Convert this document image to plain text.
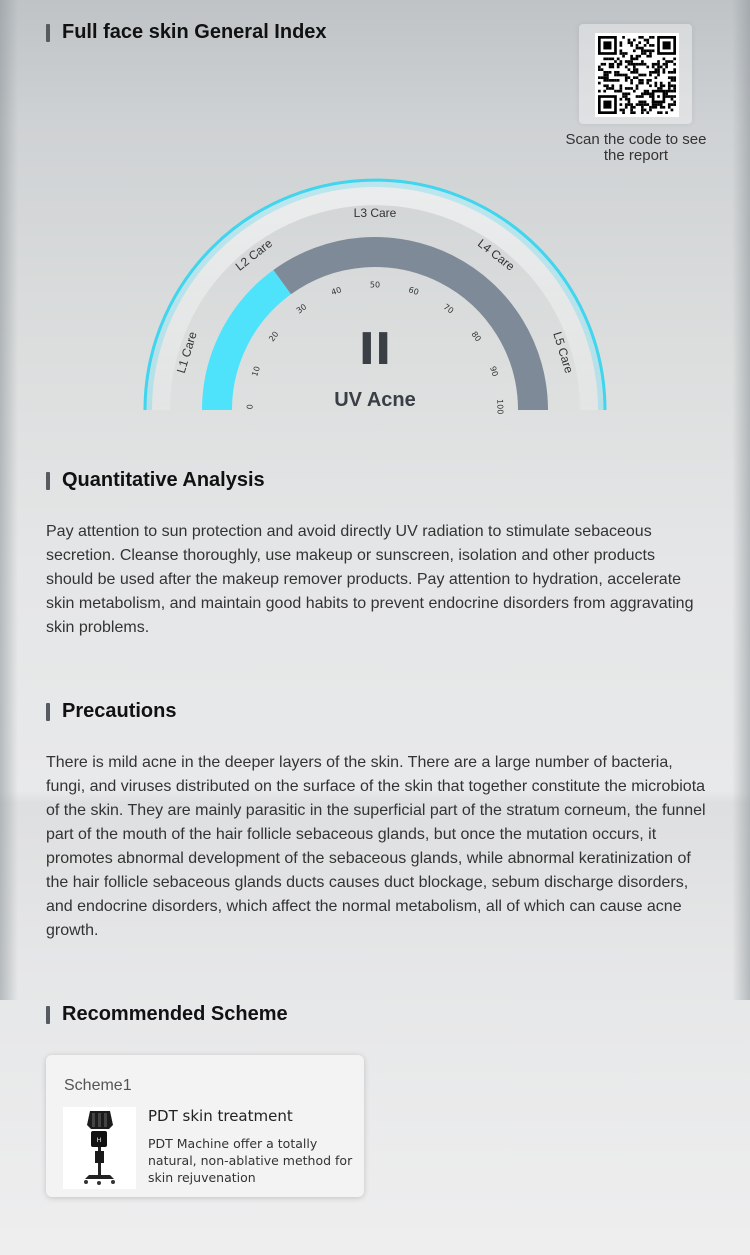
Full face skin General Index
Scan the code to see the report
0
10
20
30
40
50
60
70
80
90
100
L1 Care
L2 Care
L3 Care
L4 Care
L5 Care
II
UV Acne
Quantitative Analysis
Pay attention to sun protection and avoid directly UV radiation to stimulate sebaceous secretion. Cleanse thoroughly, use makeup or sunscreen, isolation and other products should be used after the makeup remover products. Pay attention to hydration, accelerate skin metabolism, and maintain good habits to prevent endocrine disorders from aggravating skin problems.
Precautions
There is mild acne in the deeper layers of the skin. There are a large number of bacteria, fungi, and viruses distributed on the surface of the skin that together constitute the microbiota of the skin. They are mainly parasitic in the superficial part of the stratum corneum, the funnel part of the mouth of the hair follicle sebaceous glands, but once the mutation occurs, it promotes abnormal development of the sebaceous glands, while abnormal keratinization of the hair follicle sebaceous glands ducts causes duct blockage, sebum discharge disorders, and endocrine disorders, which affect the normal metabolism, all of which can cause acne growth.
Recommended Scheme
Scheme1
H
PDT skin treatment
PDT Machine offer a totally natural, non-ablative method for skin rejuvenation
